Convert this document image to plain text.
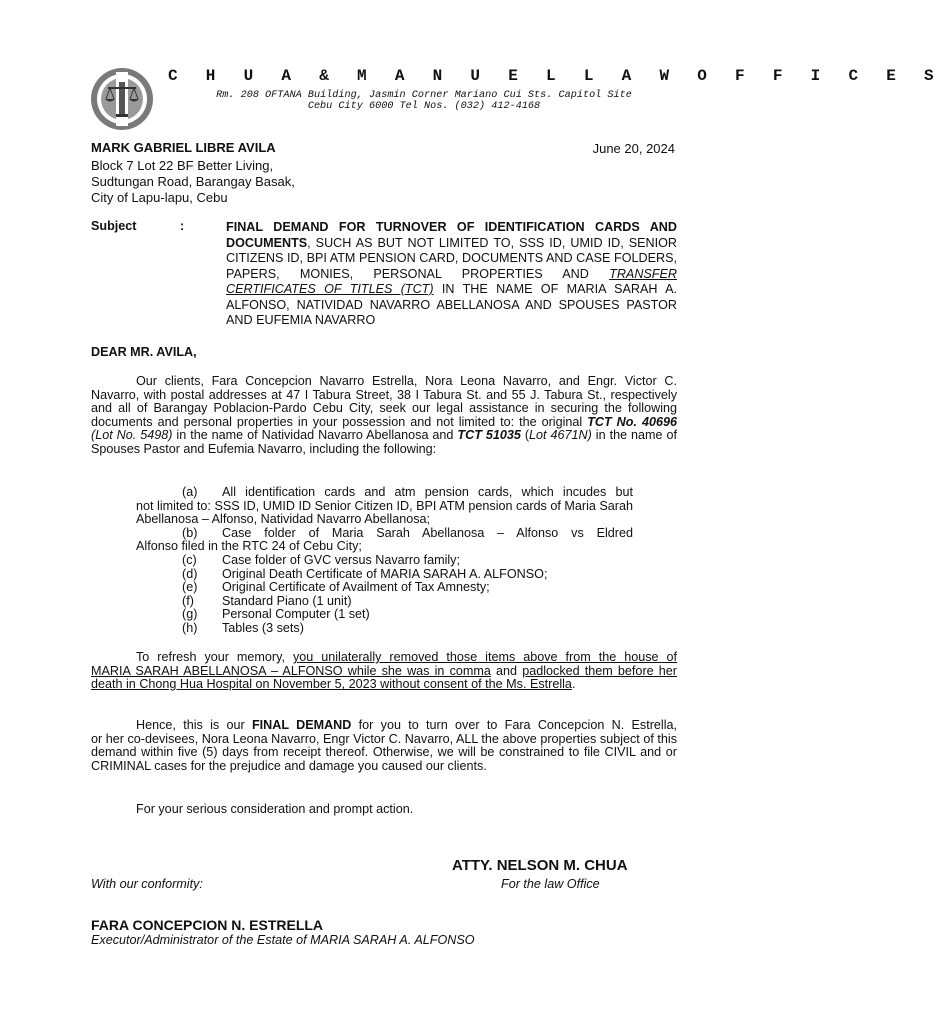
C H U A & M A N U E L L A W O F F I C E S
Rm. 208 OFTANA Building, Jasmin Corner Mariano Cui Sts. Capitol Site
Cebu City 6000 Tel Nos. (032) 412-4168
MARK GABRIEL LIBRE AVILA	June 20, 2024
Block 7 Lot 22 BF Better Living,
Sudtungan Road, Barangay Basak,
City of Lapu-lapu, Cebu
Subject	:	FINAL DEMAND FOR TURNOVER OF IDENTIFICATION CARDS AND DOCUMENTS, SUCH AS BUT NOT LIMITED TO, SSS ID, UMID ID, SENIOR CITIZENS ID, BPI ATM PENSION CARD, DOCUMENTS AND CASE FOLDERS, PAPERS, MONIES, PERSONAL PROPERTIES AND TRANSFER CERTIFICATES OF TITLES (TCT) IN THE NAME OF MARIA SARAH A. ALFONSO, NATIVIDAD NAVARRO ABELLANOSA AND SPOUSES PASTOR AND EUFEMIA NAVARRO
DEAR MR. AVILA,

Our clients, Fara Concepcion Navarro Estrella, Nora Leona Navarro, and Engr. Victor C.

Navarro, with postal addresses at 47 I Tabura Street, 38 I Tabura St. and 55 J. Tabura St., respectively and all of Barangay Poblacion-Pardo Cebu City, seek our legal assistance in securing the following documents and personal properties in your possession and not limited to: the original TCT No. 40696 (Lot No. 5498) in the name of Natividad Navarro Abellanosa and TCT 51035 (Lot 4671N) in the name of Spouses Pastor and Eufemia Navarro, including the following:

(a)	All identification cards and atm pension cards, which incudes but
not limited to: SSS ID, UMID ID Senior Citizen ID, BPI ATM pension cards of Maria Sarah Abellanosa – Alfonso, Natividad Navarro Abellanosa;
(b)	Case folder of Maria Sarah Abellanosa – Alfonso vs Eldred
Alfonso filed in the RTC 24 of Cebu City;
(c)	Case folder of GVC versus Navarro family;
(d)	Original Death Certificate of MARIA SARAH A. ALFONSO;
(e)	Original Certificate of Availment of Tax Amnesty;
(f)	Standard Piano (1 unit)
(g)	Personal Computer (1 set)
(h)	Tables (3 sets)

To refresh your memory, you unilaterally removed those items above from the house of

MARIA SARAH ABELLANOSA – ALFONSO while she was in comma and padlocked them before her death in Chong Hua Hospital on November 5, 2023 without consent of the Ms. Estrella.

Hence, this is our FINAL DEMAND for you to turn over to Fara Concepcion N. Estrella,

or her co-devisees, Nora Leona Navarro, Engr Victor C. Navarro, ALL the above properties subject of this demand within five (5) days from receipt thereof. Otherwise, we will be constrained to file CIVIL and or CRIMINAL cases for the prejudice and damage you caused our clients.

For your serious consideration and prompt action.
ATTY. NELSON M. CHUA
For the law Office
With our conformity:
FARA CONCEPCION N. ESTRELLA
Executor/Administrator of the Estate of MARIA SARAH A. ALFONSO
